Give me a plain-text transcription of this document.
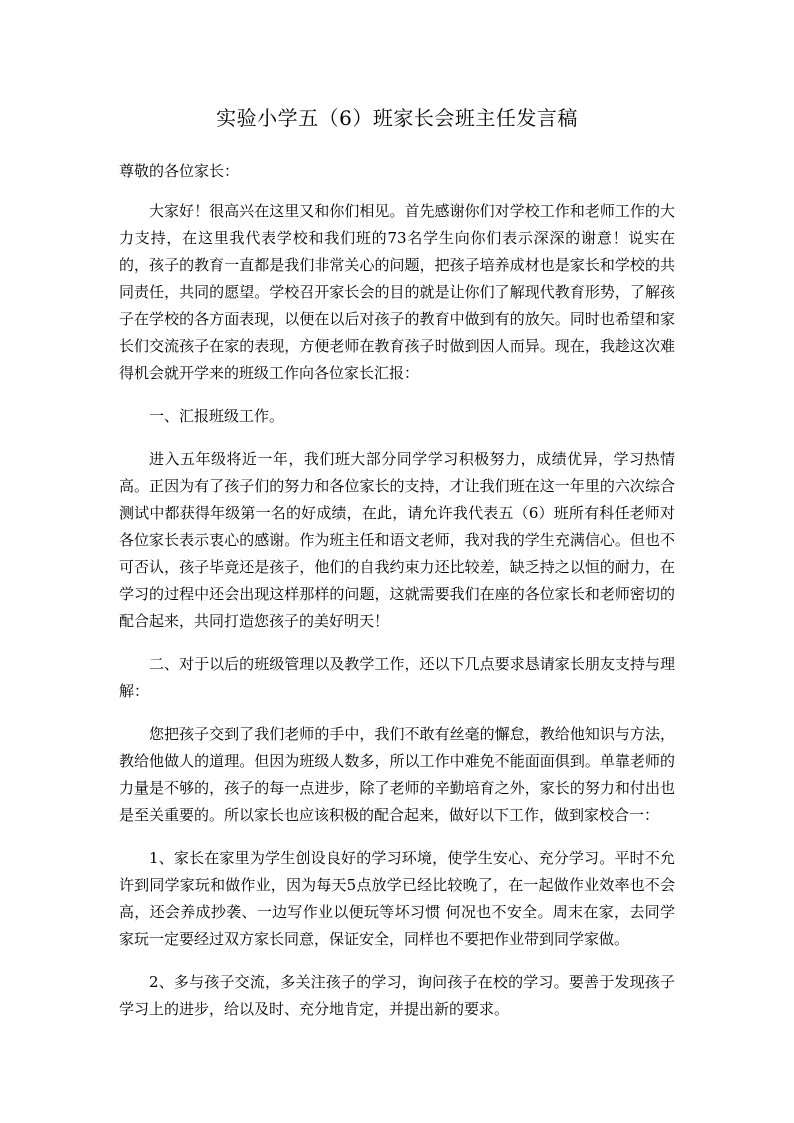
实验小学五（6）班家长会班主任发言稿

尊敬的各位家长：

大家好！很高兴在这里又和你们相见。首先感谢你们对学校工作和老师工作的大力支持，在这里我代表学校和我们班的73名学生向你们表示深深的谢意！说实在的，孩子的教育一直都是我们非常关心的问题，把孩子培养成材也是家长和学校的共同责任，共同的愿望。学校召开家长会的目的就是让你们了解现代教育形势，了解孩子在学校的各方面表现，以便在以后对孩子的教育中做到有的放矢。同时也希望和家长们交流孩子在家的表现，方便老师在教育孩子时做到因人而异。现在，我趁这次难得机会就开学来的班级工作向各位家长汇报：

一、汇报班级工作。

进入五年级将近一年，我们班大部分同学学习积极努力，成绩优异，学习热情高。正因为有了孩子们的努力和各位家长的支持，才让我们班在这一年里的六次综合测试中都获得年级第一名的好成绩，在此，请允许我代表五（6）班所有科任老师对各位家长表示衷心的感谢。作为班主任和语文老师，我对我的学生充满信心。但也不可否认，孩子毕竟还是孩子，他们的自我约束力还比较差，缺乏持之以恒的耐力，在学习的过程中还会出现这样那样的问题，这就需要我们在座的各位家长和老师密切的配合起来，共同打造您孩子的美好明天！

二、对于以后的班级管理以及教学工作，还以下几点要求恳请家长朋友支持与理解：

您把孩子交到了我们老师的手中，我们不敢有丝毫的懈怠，教给他知识与方法，教给他做人的道理。但因为班级人数多，所以工作中难免不能面面俱到。单靠老师的力量是不够的，孩子的每一点进步，除了老师的辛勤培育之外，家长的努力和付出也是至关重要的。所以家长也应该积极的配合起来，做好以下工作，做到家校合一：

1、家长在家里为学生创设良好的学习环境，使学生安心、充分学习。平时不允许到同学家玩和做作业，因为每天5点放学已经比较晚了，在一起做作业效率也不会高，还会养成抄袭、一边写作业以便玩等坏习惯 何况也不安全。周末在家，去同学家玩一定要经过双方家长同意，保证安全，同样也不要把作业带到同学家做。

2、多与孩子交流，多关注孩子的学习，询问孩子在校的学习。要善于发现孩子学习上的进步，给以及时、充分地肯定，并提出新的要求。
